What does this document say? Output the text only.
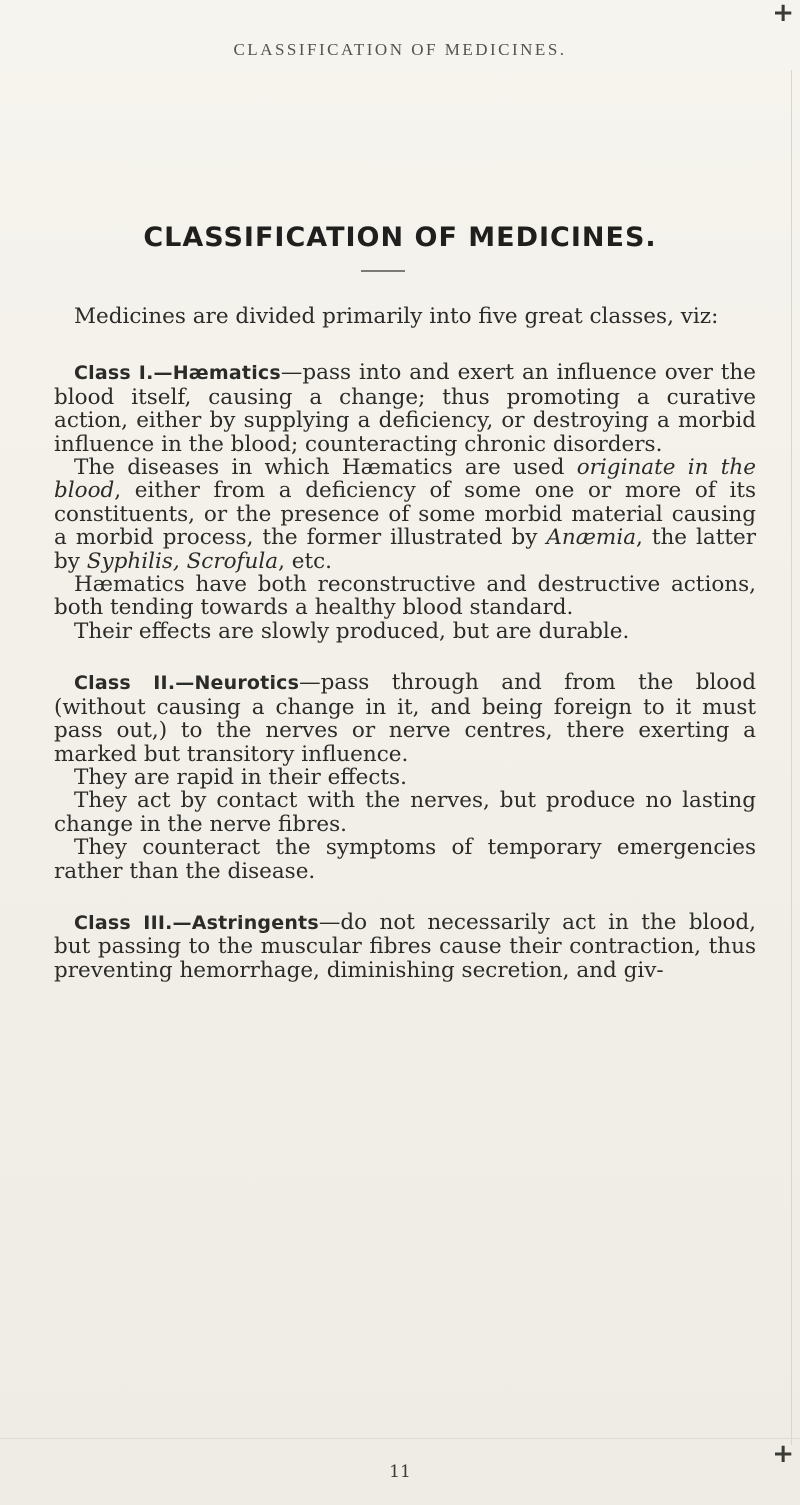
+
CLASSIFICATION OF MEDICINES.
CLASSIFICATION OF MEDICINES.

Medicines are divided primarily into five great classes, viz:

Class I.—Hæmatics—pass into and exert an influence over the blood itself, causing a change; thus promoting a curative action, either by supplying a deficiency, or destroying a morbid influence in the blood; counteracting chronic disorders.

The diseases in which Hæmatics are used originate in the blood, either from a deficiency of some one or more of its constituents, or the presence of some morbid material causing a morbid process, the former illustrated by Anæmia, the latter by Syphilis, Scrofula, etc.

Hæmatics have both reconstructive and destructive actions, both tending towards a healthy blood standard.

Their effects are slowly produced, but are durable.

Class II.—Neurotics—pass through and from the blood (without causing a change in it, and being foreign to it must pass out,) to the nerves or nerve centres, there exerting a marked but transitory influence.

They are rapid in their effects.

They act by contact with the nerves, but produce no lasting change in the nerve fibres.

They counteract the symptoms of temporary emergencies rather than the disease.

Class III.—Astringents—do not necessarily act in the blood, but passing to the muscular fibres cause their contraction, thus preventing hemorrhage, diminishing secretion, and giv-

11
+
